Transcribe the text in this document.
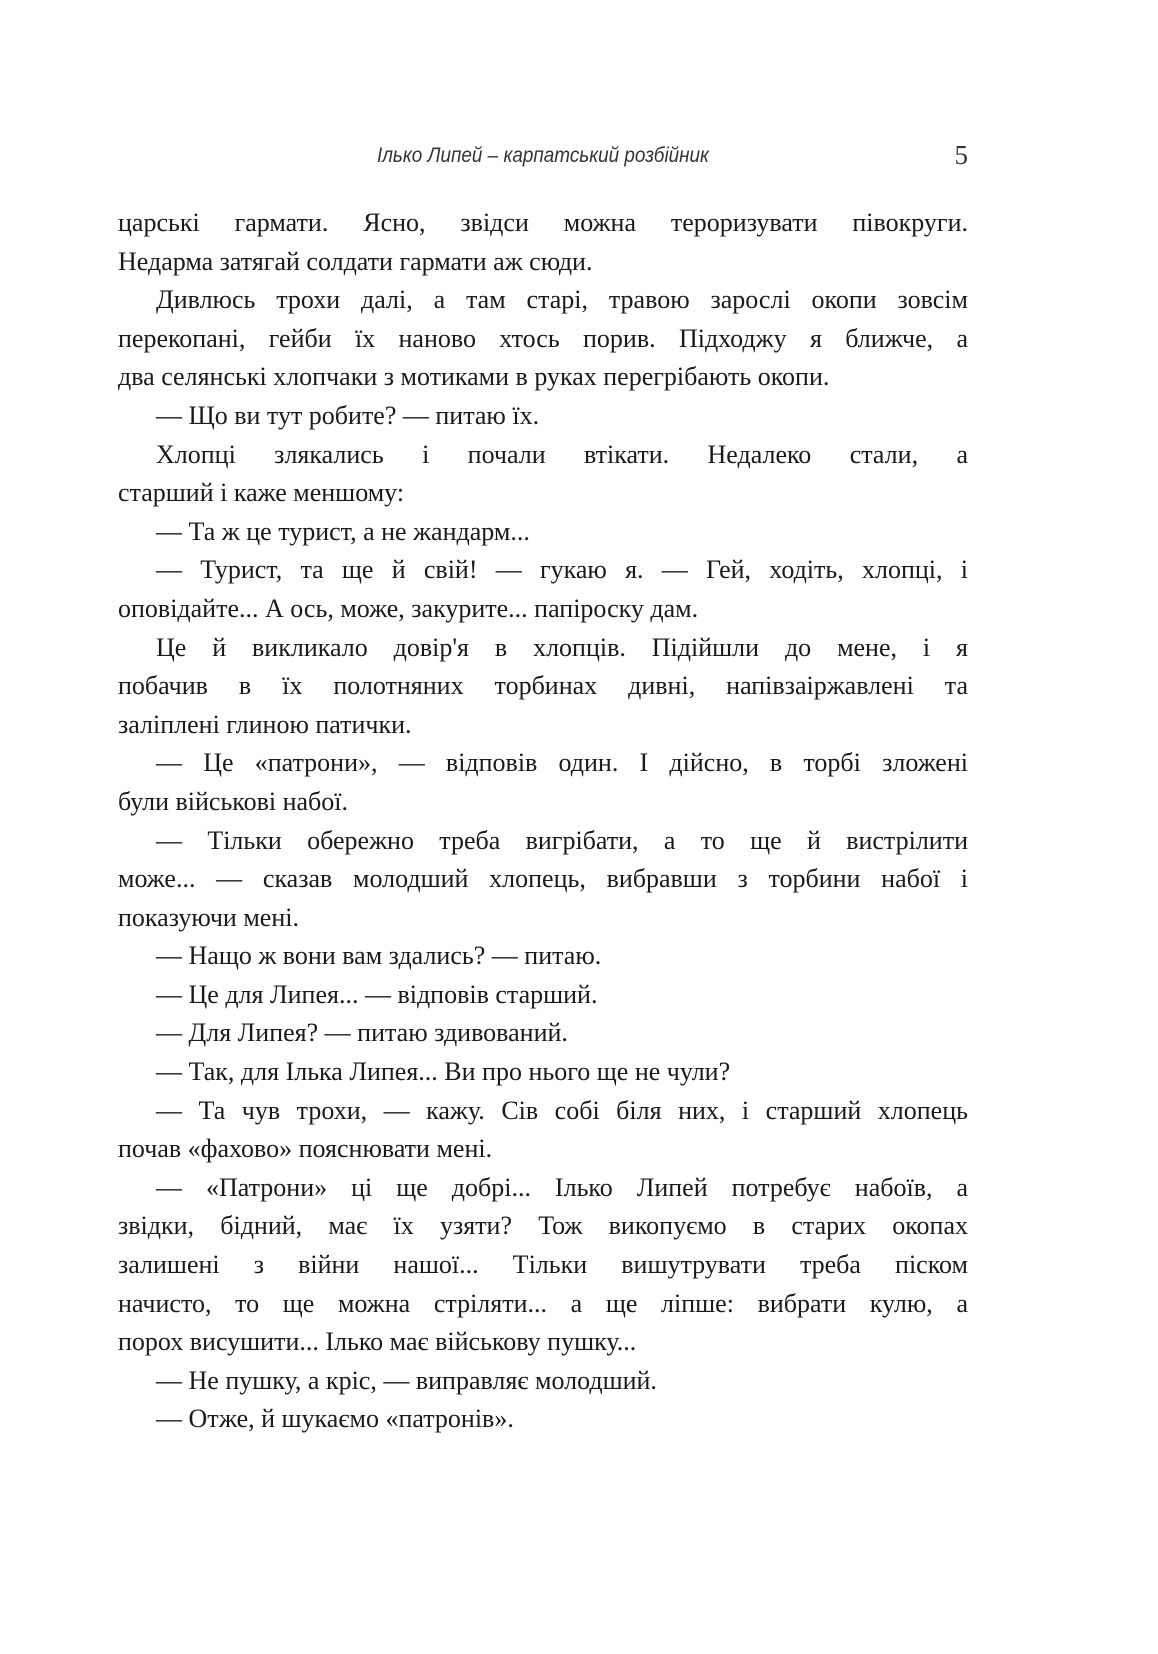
Ілько Липей – карпатський розбійник	5
царські гармати. Ясно, звідси можна тероризувати півокруги.
Недарма затягай солдати гармати аж сюди.
Дивлюсь трохи далі, а там старі, травою зарослі окопи зовсім
перекопані, гейби їх наново хтось порив. Підходжу я ближче, а
два селянські хлопчаки з мотиками в руках перегрібають окопи.
— Що ви тут робите? — питаю їх.
Хлопці злякались і почали втікати. Недалеко стали, а
старший і каже меншому:
— Та ж це турист, а не жандарм...
— Турист, та ще й свій! — гукаю я. — Гей, ходіть, хлопці, і
оповідайте... А ось, може, закурите... папіроску дам.
Це й викликало довір'я в хлопців. Підійшли до мене, і я
побачив в їх полотняних торбинах дивні, напівзаіржавлені та
заліплені глиною патички.
— Це «патрони», — відповів один. І дійсно, в торбі зложені
були військові набої.
— Тільки обережно треба вигрібати, а то ще й вистрілити
може... — сказав молодший хлопець, вибравши з торбини набої і
показуючи мені.
— Нащо ж вони вам здались? — питаю.
— Це для Липея... — відповів старший.
— Для Липея? — питаю здивований.
— Так, для Ілька Липея... Ви про нього ще не чули?
— Та чув трохи, — кажу. Сів собі біля них, і старший хлопець
почав «фахово» пояснювати мені.
— «Патрони» ці ще добрі... Ілько Липей потребує набоїв, а
звідки, бідний, має їх узяти? Тож викопуємо в старих окопах
залишені з війни нашої... Тільки вишутрувати треба піском
начисто, то ще можна стріляти... а ще ліпше: вибрати кулю, а
порох висушити... Ілько має військову пушку...
— Не пушку, а кріс, — виправляє молодший.
— Отже, й шукаємо «патронів».
